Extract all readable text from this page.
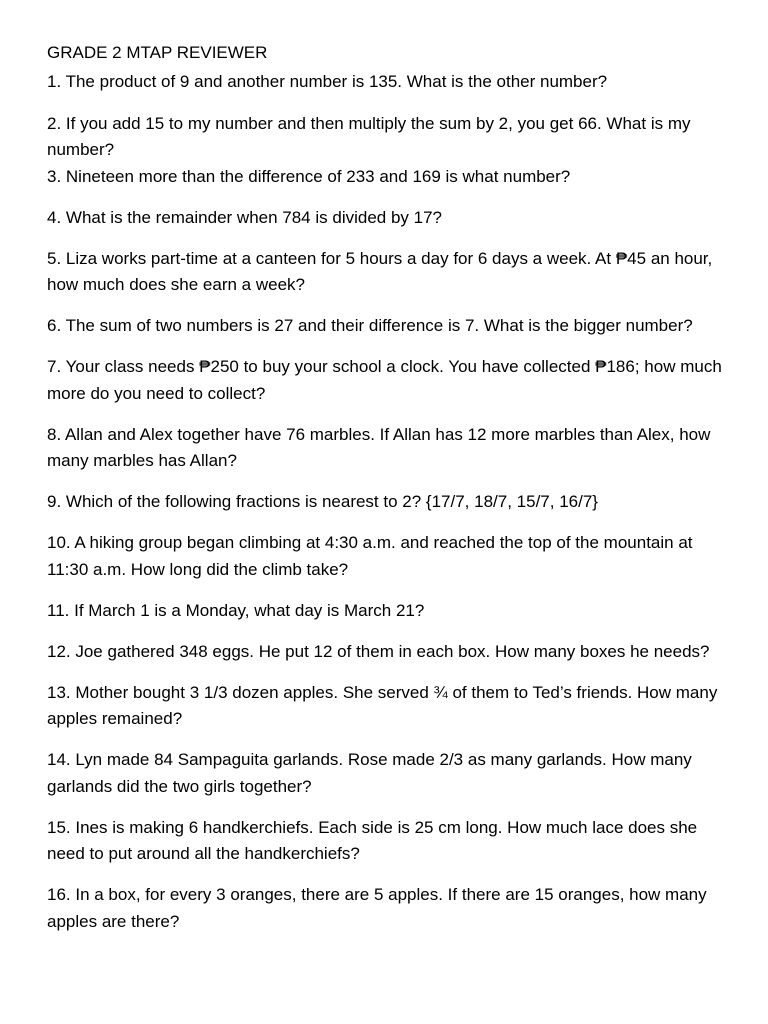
GRADE 2 MTAP REVIEWER
1. The product of 9 and another number is 135. What is the other number?
2. If you add 15 to my number and then multiply the sum by 2, you get 66. What is my number?
3. Nineteen more than the difference of 233 and 169 is what number?
4. What is the remainder when 784 is divided by 17?
5. Liza works part-time at a canteen for 5 hours a day for 6 days a week. At ₱45 an hour, how much does she earn a week?
6. The sum of two numbers is 27 and their difference is 7. What is the bigger number?
7. Your class needs ₱250 to buy your school a clock. You have collected ₱186; how much more do you need to collect?
8. Allan and Alex together have 76 marbles. If Allan has 12 more marbles than Alex, how many marbles has Allan?
9. Which of the following fractions is nearest to 2? {17/7, 18/7, 15/7, 16/7}
10. A hiking group began climbing at 4:30 a.m. and reached the top of the mountain at 11:30 a.m. How long did the climb take?
11. If March 1 is a Monday, what day is March 21?
12. Joe gathered 348 eggs. He put 12 of them in each box. How many boxes he needs?
13. Mother bought 3 1/3 dozen apples. She served ¾ of them to Ted’s friends. How many apples remained?
14. Lyn made 84 Sampaguita garlands. Rose made 2/3 as many garlands. How many garlands did the two girls together?
15. Ines is making 6 handkerchiefs. Each side is 25 cm long. How much lace does she need to put around all the handkerchiefs?
16. In a box, for every 3 oranges, there are 5 apples. If there are 15 oranges, how many apples are there?
